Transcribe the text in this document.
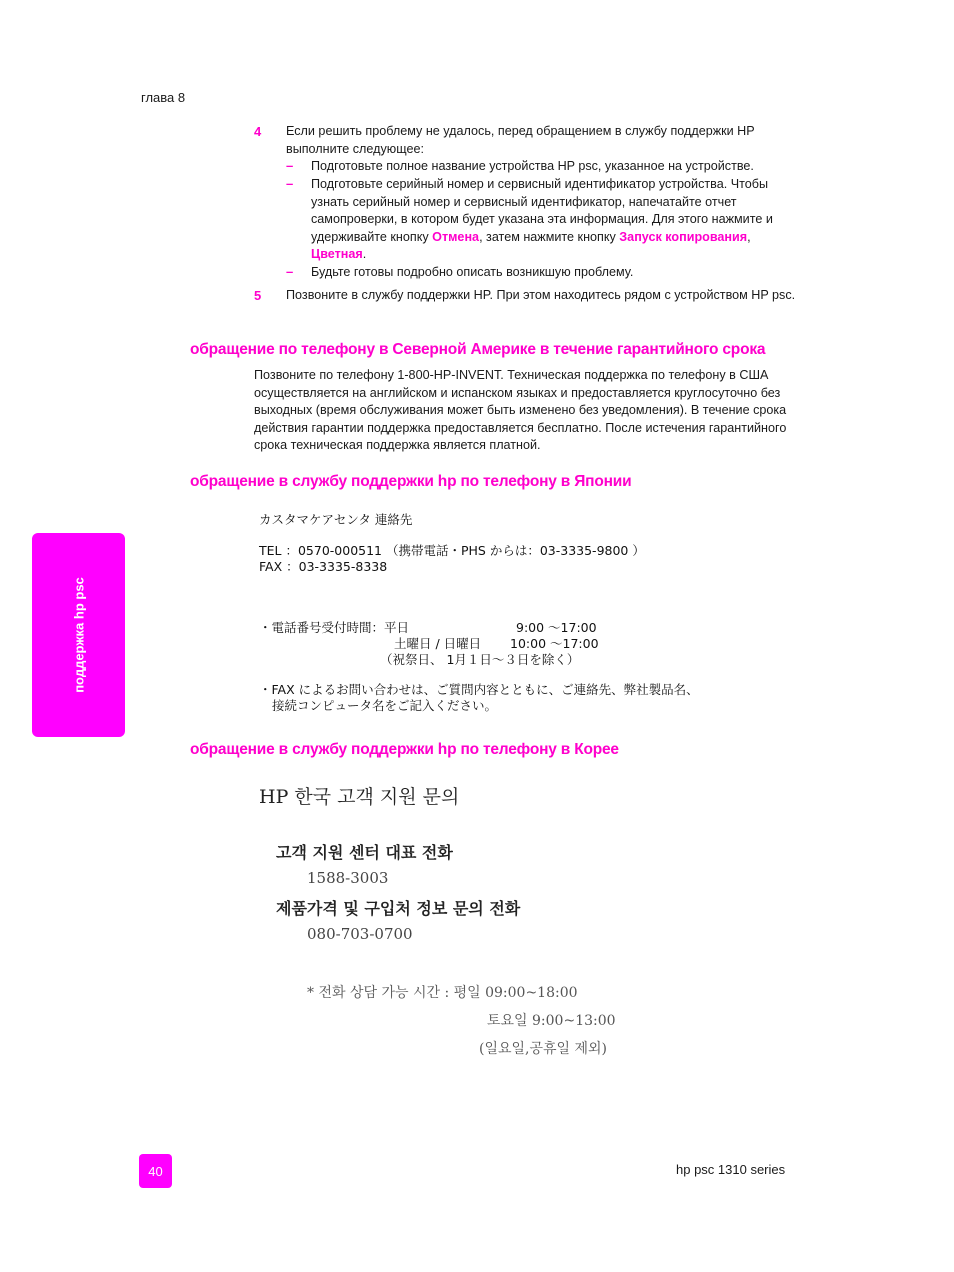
глава 8
4 Если решить проблему не удалось, перед обращением в службу поддержки HP выполните следующее:
– Подготовьте полное название устройства HP psc, указанное на устройстве.
– Подготовьте серийный номер и сервисный идентификатор устройства. Чтобы узнать серийный номер и сервисный идентификатор, напечатайте отчет самопроверки, в котором будет указана эта информация. Для этого нажмите и удерживайте кнопку Отмена, затем нажмите кнопку Запуск копирования, Цветная.
– Будьте готовы подробно описать возникшую проблему.
5 Позвоните в службу поддержки HP. При этом находитесь рядом с устройством HP psc.
обращение по телефону в Северной Америке в течение гарантийного срока
Позвоните по телефону 1-800-HP-INVENT. Техническая поддержка по телефону в США осуществляется на английском и испанском языках и предоставляется круглосуточно без выходных (время обслуживания может быть изменено без уведомления). В течение срока действия гарантии поддержка предоставляется бесплатно. После истечения гарантийного срока техническая поддержка является платной.
обращение в службу поддержки hp по телефону в Японии
カスタマケアセンタ 連絡先
TEL ：0570-000511 （携帯電話・PHS からは：03-3335-9800 ）
FAX ：03-3335-8338
・電話番号受付時間：平日	9:00 ～17:00
土曜日 / 日曜日 10:00 ～17:00
（祝祭日、 1月１日～３日を除く）
・FAX によるお問い合わせは、ご質問内容とともに、ご連絡先、弊社製品名、
接続コンピュータ名をご記入ください。
поддержка hp psc
обращение в службу поддержки hp по телефону в Корее
HP 한국 고객 지원 문의
고객 지원 센터 대표 전화
1588-3003
제품가격 및 구입처 정보 문의 전화
080-703-0700
* 전화 상담 가능 시간 : 평일 09:00~18:00
토요일 9:00~13:00
(일요일,공휴일 제외)
40	hp psc 1310 series
